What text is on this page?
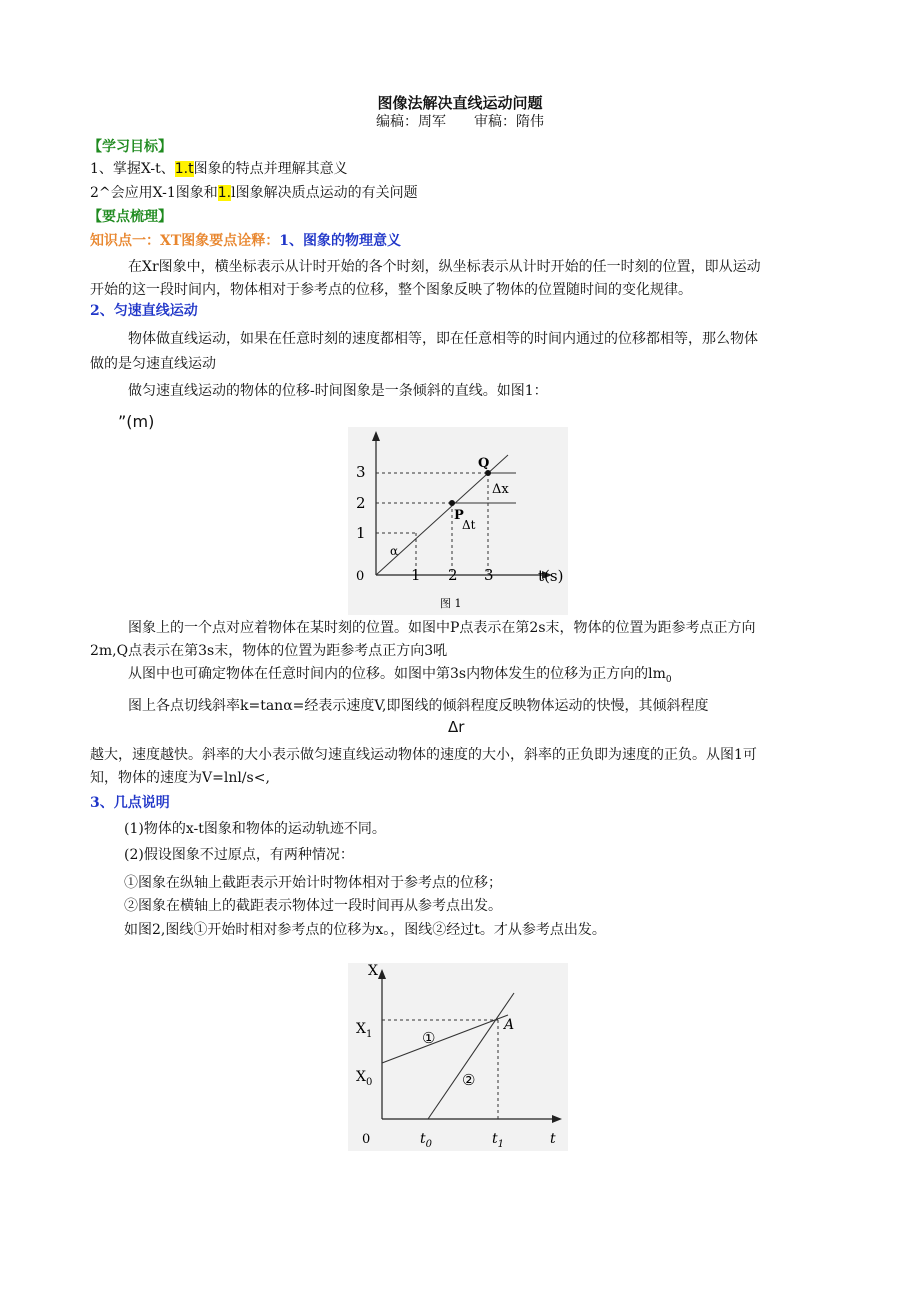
图像法解决直线运动问题
编稿：周军　　审稿：隋伟
【学习目标】
1、掌握X-t、1.t图象的特点并理解其意义
2^会应用X-1图象和1.l图象解决质点运动的有关问题
【要点梳理】
知识点一：XT图象要点诠释：1、图象的物理意义
在Xr图象中，横坐标表示从计时开始的各个时刻，纵坐标表示从计时开始的任一时刻的位置，即从运动
开始的这一段时间内，物体相对于参考点的位移，整个图象反映了物体的位置随时间的变化规律。
2、匀速直线运动
物体做直线运动，如果在任意时刻的速度都相等，即在任意相等的时间内通过的位移都相等，那么物体
做的是匀速直线运动
做匀速直线运动的物体的位移-时间图象是一条倾斜的直线。如图1：
”(m)
3
2
1
0	1 2 3	t(s)
α
P
Q
Δt
Δx
图 1
图象上的一个点对应着物体在某时刻的位置。如图中P点表示在第2s末，物体的位置为距参考点正方向
2m,Q点表示在第3s末，物体的位置为距参考点正方向3吼
从图中也可确定物体在任意时间内的位移。如图中第3s内物体发生的位移为正方向的$lm_0$
图上各点切线斜率k=tanα=经表示速度V,即图线的倾斜程度反映物体运动的快慢，其倾斜程度
Δr
越大，速度越快。斜率的大小表示做匀速直线运动物体的速度的大小，斜率的正负即为速度的正负。从图1可
知，物体的速度为V=lnl∕s<,
3、几点说明
(1)物体的x-t图象和物体的运动轨迹不同。
(2)假设图象不过原点，有两种情况：
①图象在纵轴上截距表示开始计时物体相对于参考点的位移；
②图象在横轴上的截距表示物体过一段时间再从参考点出发。
如图2,图线①开始时相对参考点的位移为x。，图线②经过t。才从参考点出发。
X
$X_1$
$X_0$
0	$t_0$	$t_1$	t
A
①
②
